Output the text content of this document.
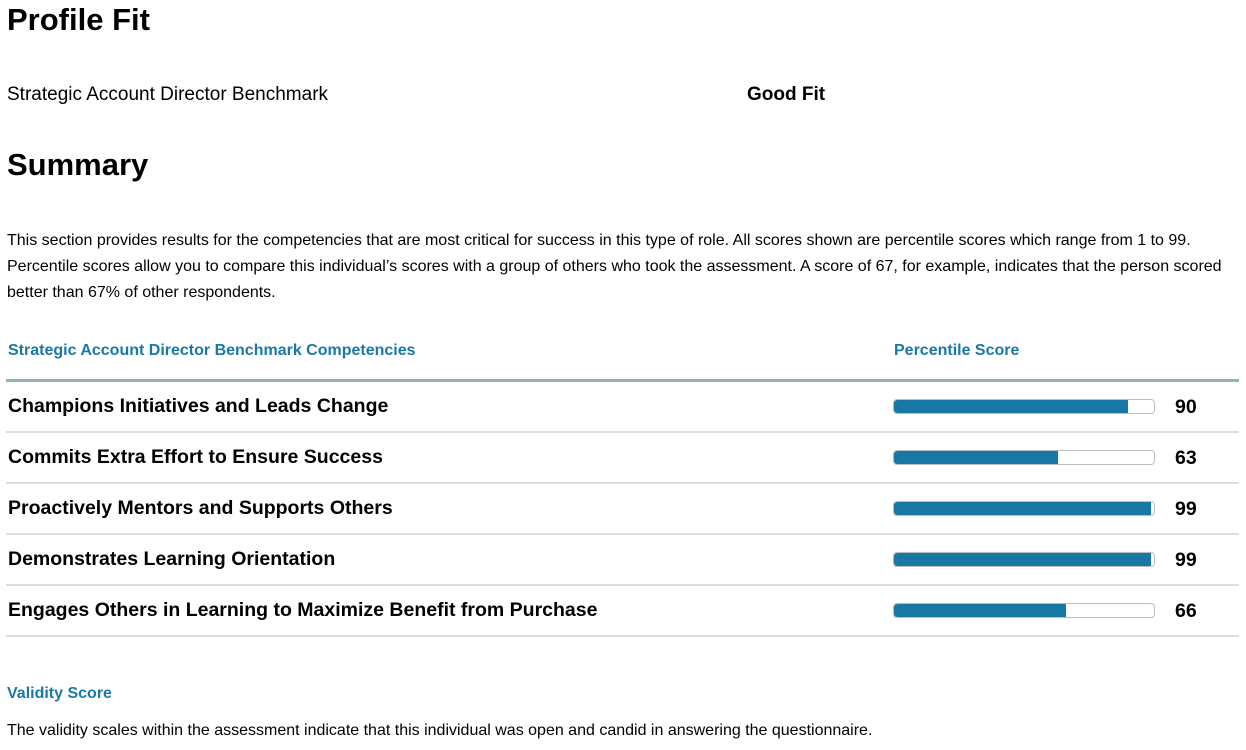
Profile Fit
Strategic Account Director Benchmark	Good Fit
Summary
This section provides results for the competencies that are most critical for success in this type of role. All scores shown are percentile scores which range from 1 to 99. Percentile scores allow you to compare this individual’s scores with a group of others who took the assessment. A score of 67, for example, indicates that the person scored better than 67% of other respondents.
Strategic Account Director Benchmark Competencies	Percentile Score
Champions Initiatives and Leads Change	90
Commits Extra Effort to Ensure Success	63
Proactively Mentors and Supports Others	99
Demonstrates Learning Orientation	99
Engages Others in Learning to Maximize Benefit from Purchase	66
Validity Score
The validity scales within the assessment indicate that this individual was open and candid in answering the questionnaire.
